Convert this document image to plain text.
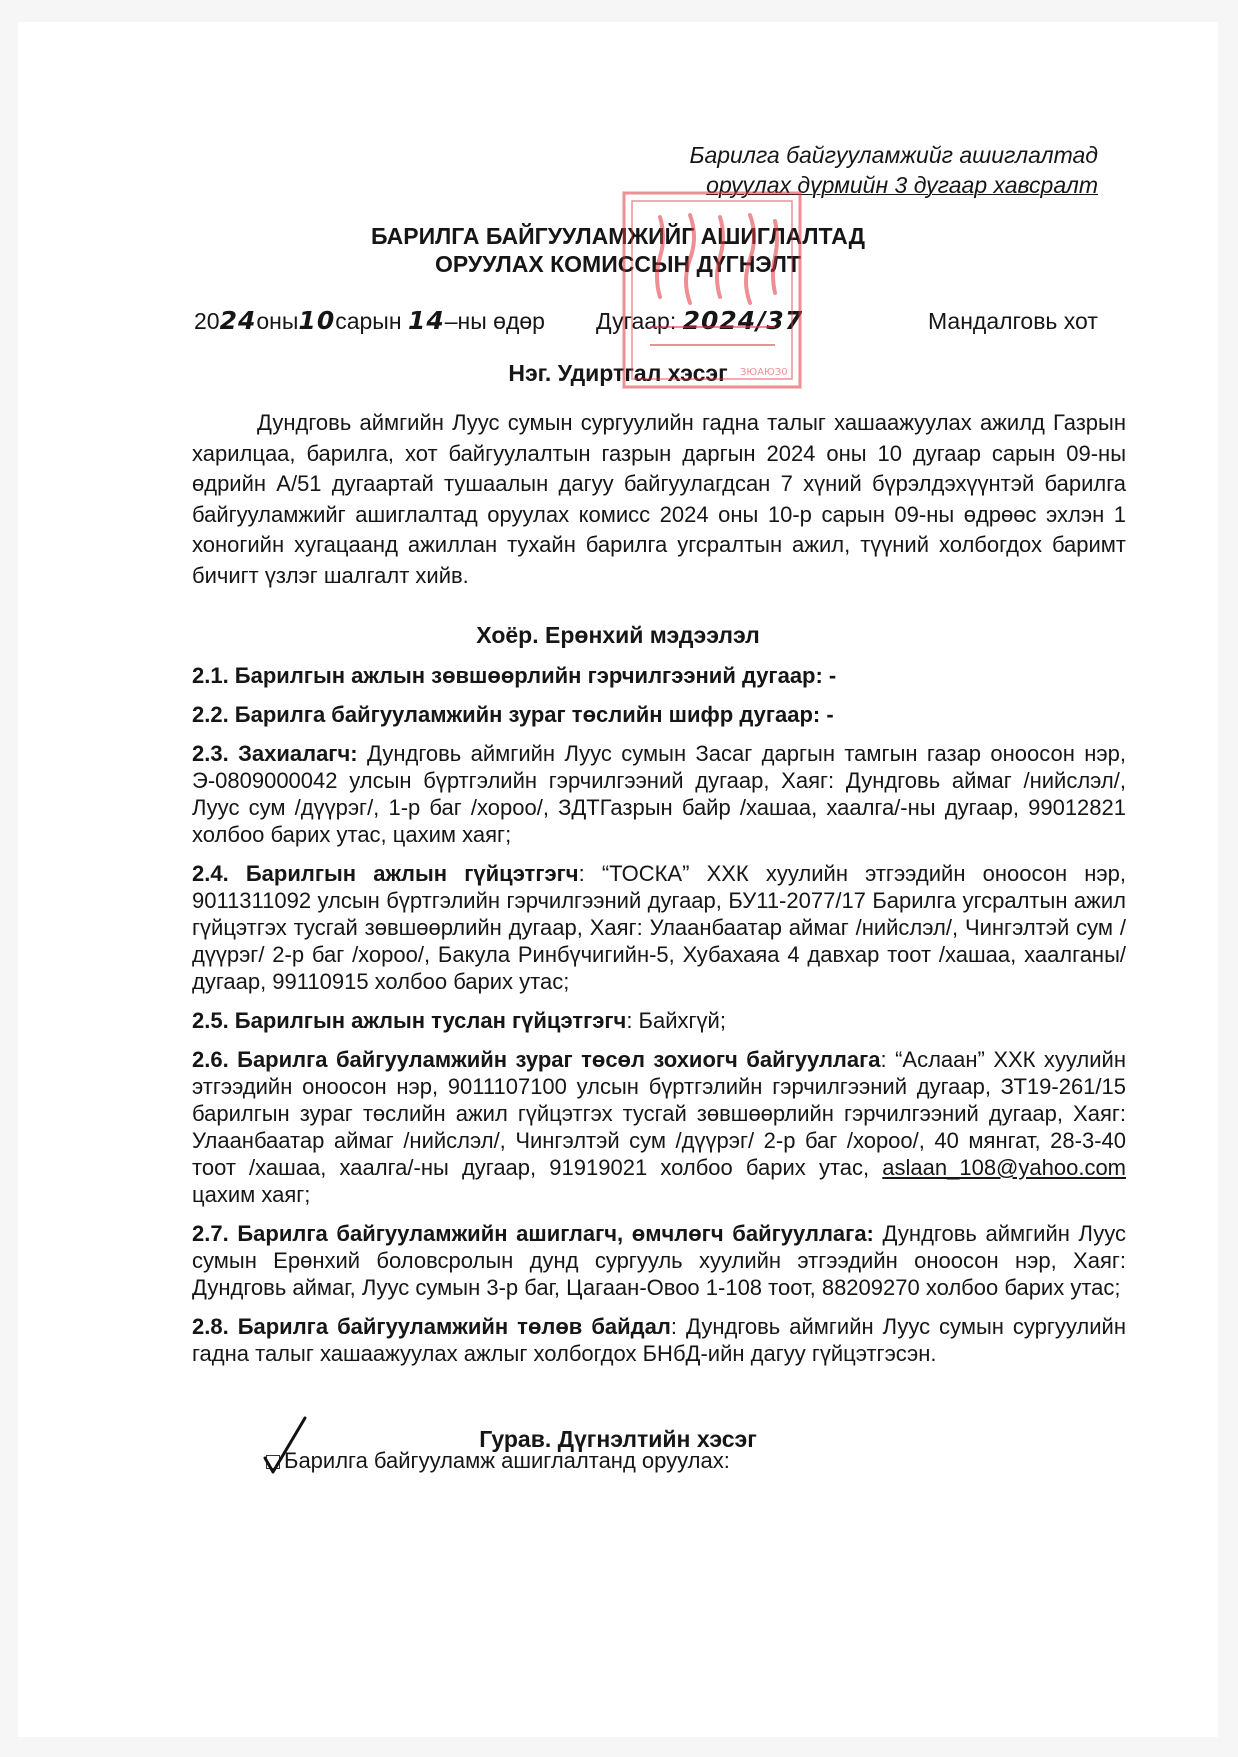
Барилга байгууламжийг ашиглалтад
оруулах дүрмийн 3 дугаар хавсралт
БАРИЛГА БАЙГУУЛАМЖИЙГ АШИГЛАЛТАД
ОРУУЛАХ КОМИССЫН ДҮГНЭЛТ
2024оны10сарын 14–ны өдөр Дугаар: 2024/37	Мандалговь хот
Нэг. Удиртгал хэсэг

Дундговь аймгийн Луус сумын сургуулийн гадна талыг хашаажуулах ажилд Газрын харилцаа, барилга, хот байгуулалтын газрын даргын 2024 оны 10 дугаар сарын 09-ны өдрийн А/51 дугаартай тушаалын дагуу байгуулагдсан 7 хүний бүрэлдэхүүнтэй барилга байгууламжийг ашиглалтад оруулах комисс 2024 оны 10-р сарын 09-ны өдрөөс эхлэн 1 хоногийн хугацаанд ажиллан тухайн барилга угсралтын ажил, түүний холбогдох баримт бичигт үзлэг шалгалт хийв.

Хоёр. Ерөнхий мэдээлэл

2.1. Барилгын ажлын зөвшөөрлийн гэрчилгээний дугаар: -

2.2. Барилга байгууламжийн зураг төслийн шифр дугаар: -

2.3. Захиалагч: Дундговь аймгийн Луус сумын Засаг даргын тамгын газар оноосон нэр, Э-0809000042 улсын бүртгэлийн гэрчилгээний дугаар, Хаяг: Дундговь аймаг /нийслэл/, Луус сум /дүүрэг/, 1-р баг /хороо/, ЗДТГазрын байр /хашаа, хаалга/-ны дугаар, 99012821 холбоо барих утас, цахим хаяг;

2.4. Барилгын ажлын гүйцэтгэгч: “ТОСКА” ХХК хуулийн этгээдийн оноосон нэр, 9011311092 улсын бүртгэлийн гэрчилгээний дугаар, БУ11-2077/17 Барилга угсралтын ажил гүйцэтгэх тусгай зөвшөөрлийн дугаар, Хаяг: Улаанбаатар аймаг /нийслэл/, Чингэлтэй сум /дүүрэг/ 2-р баг /хороо/, Бакула Ринбүчигийн-5, Хубахаяа 4 давхар тоот /хашаа, хаалганы/ дугаар, 99110915 холбоо барих утас;

2.5. Барилгын ажлын туслан гүйцэтгэгч: Байхгүй;

2.6. Барилга байгууламжийн зураг төсөл зохиогч байгууллага: “Аслаан” ХХК хуулийн этгээдийн оноосон нэр, 9011107100 улсын бүртгэлийн гэрчилгээний дугаар, ЗТ19-261/15 барилгын зураг төслийн ажил гүйцэтгэх тусгай зөвшөөрлийн гэрчилгээний дугаар, Хаяг: Улаанбаатар аймаг /нийслэл/, Чингэлтэй сум /дүүрэг/ 2-р баг /хороо/, 40 мянгат, 28-3-40 тоот /хашаа, хаалга/-ны дугаар, 91919021 холбоо барих утас, aslaan_108@yahoo.com цахим хаяг;

2.7. Барилга байгууламжийн ашиглагч, өмчлөгч байгууллага: Дундговь аймгийн Луус сумын Ерөнхий боловсролын дунд сургууль хуулийн этгээдийн оноосон нэр, Хаяг: Дундговь аймаг, Луус сумын 3-р баг, Цагаан-Овоо 1-108 тоот, 88209270 холбоо барих утас;

2.8. Барилга байгууламжийн төлөв байдал: Дундговь аймгийн Луус сумын сургуулийн гадна талыг хашаажуулах ажлыг холбогдох БНбД-ийн дагуу гүйцэтгэсэн.

Гурав. Дүгнэлтийн хэсэг
Барилга байгууламж ашиглалтанд оруулах:
ЗЮАЮЗ0
